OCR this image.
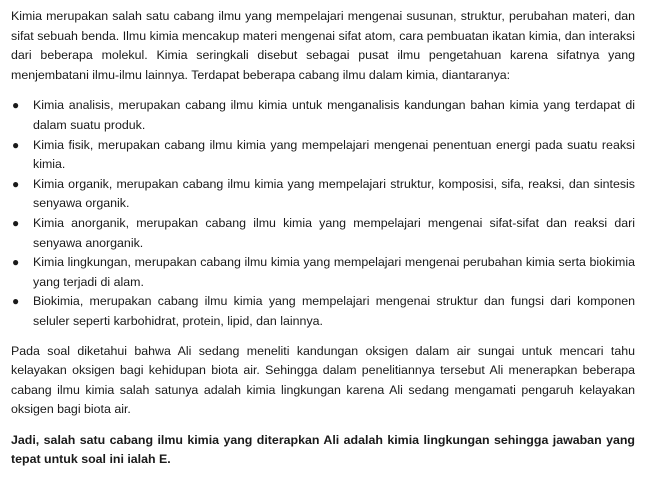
Kimia merupakan salah satu cabang ilmu yang mempelajari mengenai susunan, struktur, perubahan materi, dan sifat sebuah benda. Ilmu kimia mencakup materi mengenai sifat atom, cara pembuatan ikatan kimia, dan interaksi dari beberapa molekul. Kimia seringkali disebut sebagai pusat ilmu pengetahuan karena sifatnya yang menjembatani ilmu-ilmu lainnya. Terdapat beberapa cabang ilmu dalam kimia, diantaranya:

● Kimia analisis, merupakan cabang ilmu kimia untuk menganalisis kandungan bahan kimia yang terdapat di dalam suatu produk.
● Kimia fisik, merupakan cabang ilmu kimia yang mempelajari mengenai penentuan energi pada suatu reaksi kimia.
● Kimia organik, merupakan cabang ilmu kimia yang mempelajari struktur, komposisi, sifa, reaksi, dan sintesis senyawa organik.
● Kimia anorganik, merupakan cabang ilmu kimia yang mempelajari mengenai sifat-sifat dan reaksi dari senyawa anorganik.
● Kimia lingkungan, merupakan cabang ilmu kimia yang mempelajari mengenai perubahan kimia serta biokimia yang terjadi di alam.
● Biokimia, merupakan cabang ilmu kimia yang mempelajari mengenai struktur dan fungsi dari komponen seluler seperti karbohidrat, protein, lipid, dan lainnya.

Pada soal diketahui bahwa Ali sedang meneliti kandungan oksigen dalam air sungai untuk mencari tahu kelayakan oksigen bagi kehidupan biota air. Sehingga dalam penelitiannya tersebut Ali menerapkan beberapa cabang ilmu kimia salah satunya adalah kimia lingkungan karena Ali sedang mengamati pengaruh kelayakan oksigen bagi biota air.

Jadi, salah satu cabang ilmu kimia yang diterapkan Ali adalah kimia lingkungan sehingga jawaban yang tepat untuk soal ini ialah E.
